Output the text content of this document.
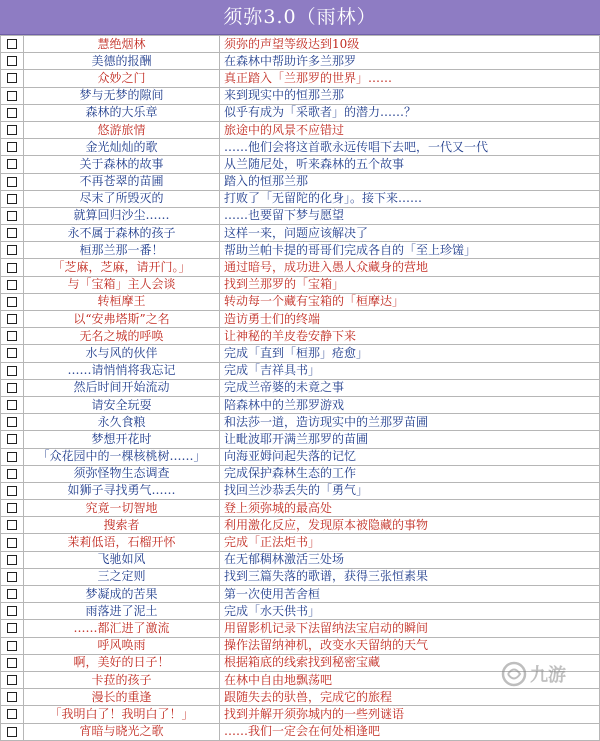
须弥3.0（雨林）
	慧绝烟林	须弥的声望等级达到10级
	美德的报酬	在森林中帮助许多兰那罗
	众妙之门	真正踏入「兰那罗的世界」……
	梦与无梦的隙间	来到现实中的恒那兰那
	森林的大乐章	似乎有成为「采歌者」的潜力……？
	悠游旅情	旅途中的风景不应错过
	金光灿灿的歌	……他们会将这首歌永远传唱下去吧，一代又一代
	关于森林的故事	从兰随尼处，听来森林的五个故事
	不再苍翠的苗圃	踏入的恒那兰那
	尽末了所毁灭的	打败了「无留陀的化身」。接下来……
	就算回归沙尘……	……也要留下梦与愿望
	永不属于森林的孩子	这样一来，问题应该解决了
	桓那兰那一番！	帮助兰帕卡提的哥哥们完成各自的「至上珍馐」
	「芝麻，芝麻，请开门。」	通过暗号，成功进入愚人众藏身的营地
	与「宝箱」主人会谈	找到兰那罗的「宝箱」
	转桓摩王	转动每一个藏有宝箱的「桓摩达」
	以“安弗塔斯”之名	造访勇士们的终端
	无名之城的呼唤	让神秘的羊皮卷安静下来
	水与风的伙伴	完成「直到「桓那」疮愈」
	……请悄悄将我忘记	完成「吉祥具书」
	然后时间开始流动	完成兰帝婆的未竟之事
	请安全玩耍	陪森林中的兰那罗游戏
	永久食粮	和法莎一道，造访现实中的兰那罗苗圃
	梦想开花时	让毗波耶开满兰那罗的苗圃
	「众花园中的一棵核桃树……」	向海亚姆问起失落的记忆
	须弥怪物生态调查	完成保护森林生态的工作
	如狮子寻找勇气……	找回兰沙恭丢失的「勇气」
	究竟一切智地	登上须弥城的最高处
	搜索者	利用激化反应，发现原本被隐藏的事物
	茉莉低语，石榴开怀	完成「正法炬书」
	飞驰如风	在无郁稠林激活三处场
	三之定则	找到三篇失落的歌谱，获得三张恒素果
	梦凝成的苦果	第一次使用苦舍桓
	雨落进了泥土	完成「水天供书」
	……都汇进了激流	用留影机记录下法留纳法宝启动的瞬间
	呼风唤雨	操作法留纳神机，改变水天留纳的天气
	啊，美好的日子！	根据箱底的线索找到秘密宝藏
	卡菈的孩子	在林中自由地飘荡吧
	漫长的重逢	跟随失去的驮兽，完成它的旅程
	「我明白了！我明白了！」	找到并解开须弥城内的一些列谜语
	宵暗与晓光之歌	……我们一定会在何处相逢吧
九游
